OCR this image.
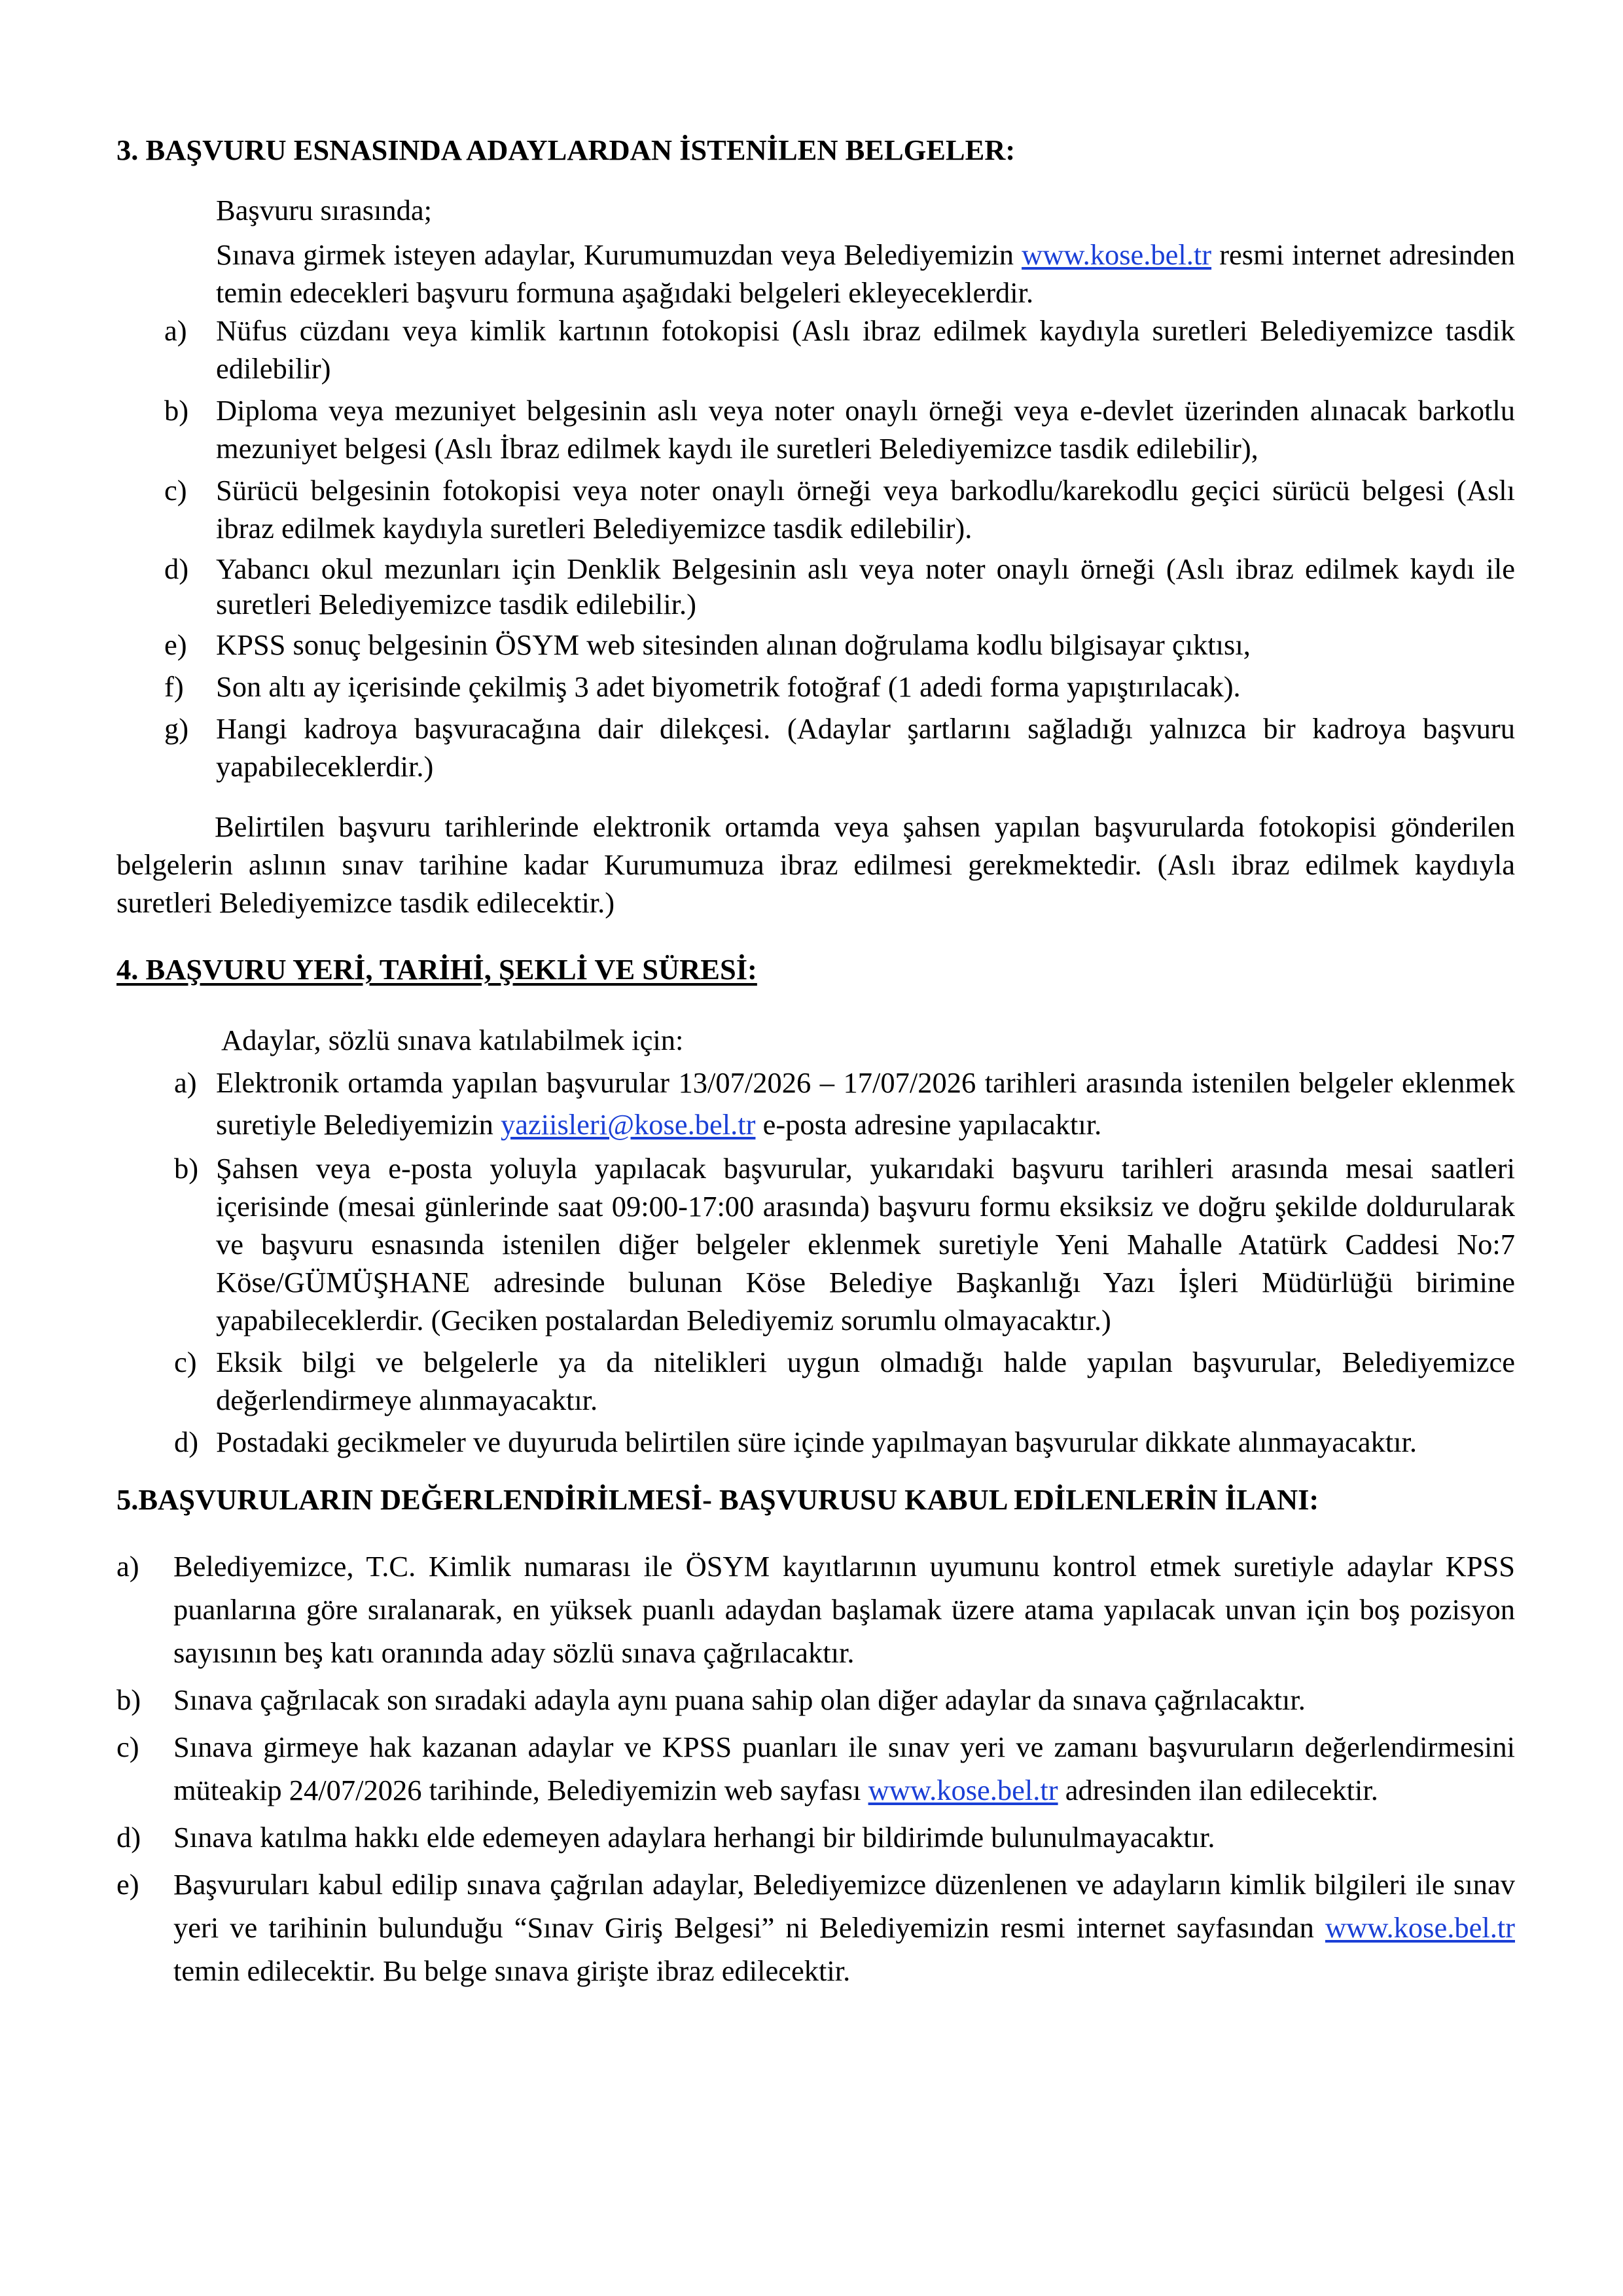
3. BAŞVURU ESNASINDA ADAYLARDAN İSTENİLEN BELGELER:

Başvuru sırasında;

Sınava girmek isteyen adaylar, Kurumumuzdan veya Belediyemizin www.kose.bel.tr resmi internet adresinden temin edecekleri başvuru formuna aşağıdaki belgeleri ekleyeceklerdir.

a) Nüfus cüzdanı veya kimlik kartının fotokopisi (Aslı ibraz edilmek kaydıyla suretleri Belediyemizce tasdik edilebilir)
b) Diploma veya mezuniyet belgesinin aslı veya noter onaylı örneği veya e-devlet üzerinden alınacak barkotlu mezuniyet belgesi (Aslı İbraz edilmek kaydı ile suretleri Belediyemizce tasdik edilebilir),
c) Sürücü belgesinin fotokopisi veya noter onaylı örneği veya barkodlu/karekodlu geçici sürücü belgesi (Aslı ibraz edilmek kaydıyla suretleri Belediyemizce tasdik edilebilir).
d) Yabancı okul mezunları için Denklik Belgesinin aslı veya noter onaylı örneği (Aslı ibraz edilmek kaydı ile suretleri Belediyemizce tasdik edilebilir.)
e) KPSS sonuç belgesinin ÖSYM web sitesinden alınan doğrulama kodlu bilgisayar çıktısı,
f) Son altı ay içerisinde çekilmiş 3 adet biyometrik fotoğraf (1 adedi forma yapıştırılacak).
g) Hangi kadroya başvuracağına dair dilekçesi. (Adaylar şartlarını sağladığı yalnızca bir kadroya başvuru yapabileceklerdir.)

Belirtilen başvuru tarihlerinde elektronik ortamda veya şahsen yapılan başvurularda fotokopisi gönderilen belgelerin aslının sınav tarihine kadar Kurumumuza ibraz edilmesi gerekmektedir. (Aslı ibraz edilmek kaydıyla suretleri Belediyemizce tasdik edilecektir.)

4. BAŞVURU YERİ, TARİHİ, ŞEKLİ VE SÜRESİ:

Adaylar, sözlü sınava katılabilmek için:

a) Elektronik ortamda yapılan başvurular 13/07/2026 – 17/07/2026 tarihleri arasında istenilen belgeler eklenmek suretiyle Belediyemizin yaziisleri@kose.bel.tr e-posta adresine yapılacaktır.
b) Şahsen veya e-posta yoluyla yapılacak başvurular, yukarıdaki başvuru tarihleri arasında mesai saatleri içerisinde (mesai günlerinde saat 09:00-17:00 arasında) başvuru formu eksiksiz ve doğru şekilde doldurularak ve başvuru esnasında istenilen diğer belgeler eklenmek suretiyle Yeni Mahalle Atatürk Caddesi No:7 Köse/GÜMÜŞHANE adresinde bulunan Köse Belediye Başkanlığı Yazı İşleri Müdürlüğü birimine yapabileceklerdir. (Geciken postalardan Belediyemiz sorumlu olmayacaktır.)
c) Eksik bilgi ve belgelerle ya da nitelikleri uygun olmadığı halde yapılan başvurular, Belediyemizce değerlendirmeye alınmayacaktır.
d) Postadaki gecikmeler ve duyuruda belirtilen süre içinde yapılmayan başvurular dikkate alınmayacaktır.
5.BAŞVURULARIN DEĞERLENDİRİLMESİ- BAŞVURUSU KABUL EDİLENLERİN İLANI:
a) Belediyemizce, T.C. Kimlik numarası ile ÖSYM kayıtlarının uyumunu kontrol etmek suretiyle adaylar KPSS puanlarına göre sıralanarak, en yüksek puanlı adaydan başlamak üzere atama yapılacak unvan için boş pozisyon sayısının beş katı oranında aday sözlü sınava çağrılacaktır.
b) Sınava çağrılacak son sıradaki adayla aynı puana sahip olan diğer adaylar da sınava çağrılacaktır.
c) Sınava girmeye hak kazanan adaylar ve KPSS puanları ile sınav yeri ve zamanı başvuruların değerlendirmesini müteakip 24/07/2026 tarihinde, Belediyemizin web sayfası www.kose.bel.tr adresinden ilan edilecektir.
d) Sınava katılma hakkı elde edemeyen adaylara herhangi bir bildirimde bulunulmayacaktır.
e) Başvuruları kabul edilip sınava çağrılan adaylar, Belediyemizce düzenlenen ve adayların kimlik bilgileri ile sınav yeri ve tarihinin bulunduğu “Sınav Giriş Belgesi” ni Belediyemizin resmi internet sayfasından www.kose.bel.tr temin edilecektir. Bu belge sınava girişte ibraz edilecektir.
